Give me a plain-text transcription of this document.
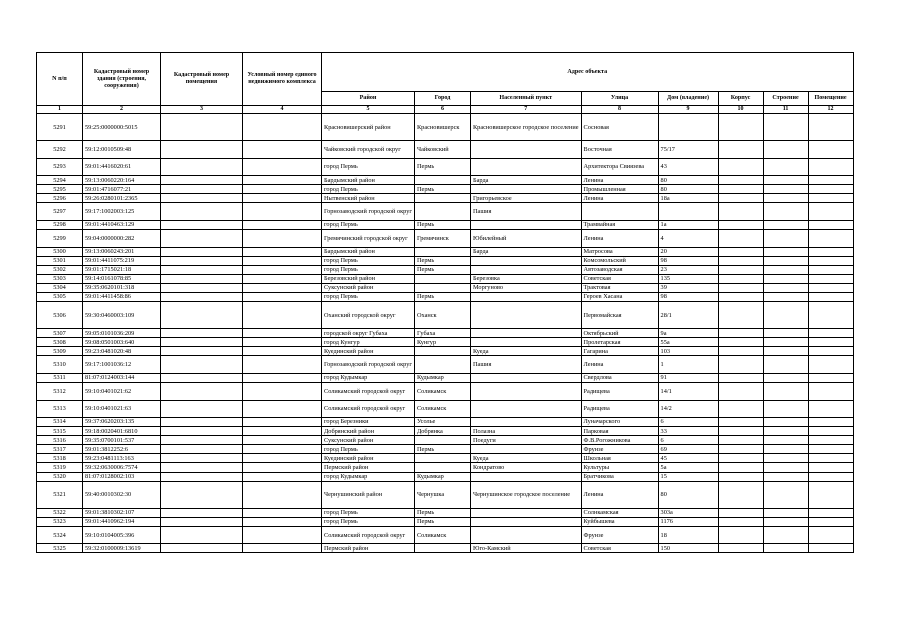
N п/п	Кадастровый номер здания (строения, сооружения)	Кадастровый номер помещения	Условный номер единого недвижимого комплекса	Адрес объекта							
				Район	Город	Населенный пункт	Улица	Дом (владение)	Корпус	Строение	Помещение
1	2	3	4	5	6	7	8	9	10	11	12
5291	59:25:0000000:5015			Красновишерский район	Красновишерск	Красновишерское городское поселение	Сосновая				
5292	59:12:0010509:48			Чайковский городской округ	Чайковский		Восточная	75/17			
5293	59:01:4416020:61			город Пермь	Пермь		Архитектора Свиязева	43			
5294	59:13:0060220:164			Бардымский район		Барда	Ленина	80			
5295	59:01:4716077:21			город Пермь	Пермь		Промышленная	80			
5296	59:26:0280101:2365			Нытвенский район		Григорьевское	Ленина	18а			
5297	59:17:1002003:125			Горнозаводский городской округ		Пашия					
5298	59:01:4410463:129			город Пермь	Пермь		Трамвайная	1а			
5299	59:04:0000000:282			Гремячинский городской округ	Гремячинск	Юбилейный	Ленина	4			
5300	59:13:0060243:201			Бардымский район		Барда	Матросова	20			
5301	59:01:4411075:219			город Пермь	Пермь		Комсомольский	98			
5302	59:01:1715021:18			город Пермь	Пермь		Автозаводская	23			
5303	59:14:0161078:85			Березовский район		Березовка	Советская	135			
5304	59:35:0620101:318			Суксунский район		Моргуново	Трактовая	39			
5305	59:01:4411458:86			город Пермь	Пермь		Героев Хасана	98			
5306	59:30:0460003:109			Оханский городской округ	Оханск		Первомайская	28/1			
5307	59:05:0101036:209			городской округ Губаха	Губаха		Октябрьский	9а			
5308	59:08:0501003:640			город Кунгур	Кунгур		Пролетарская	55а			
5309	59:23:0481020:48			Куединский район		Куеда	Гагарина	103			
5310	59:17:1001036:12			Горнозаводский городской округ		Пашия	Ленина	1			
5311	81:07:0124003:144			город Кудымкар	Кудымкар		Свердлова	91			
5312	59:10:0401021:62			Соликамский городской округ	Соликамск		Радищева	14/1			
5313	59:10:0401021:63			Соликамский городской округ	Соликамск		Радищева	14/2			
5314	59:37:0620203:135			город Березники	Усолье		Луначарского	6			
5315	59:18:0020401:6810			Добрянский район	Добрянка	Полазна	Парковая	33			
5316	59:35:0700101:537			Суксунский район		Поедуги	Ф.В.Рогожникова	6			
5317	59:01:3812252:6			город Пермь	Пермь		Фрунзе	69			
5318	59:23:0481113:163			Куединский район		Куеда	Школьная	45			
5319	59:32:0630006:7574			Пермский район		Кондратово	Культуры	5а			
5320	81:07:0128002:103			город Кудымкар	Кудымкар		Братчикова	15			
5321	59:40:0010302:30			Чернушинский район	Чернушка	Чернушинское городское поселение	Ленина	80			
5322	59:01:3810302:107			город Пермь	Пермь		Солнкамская	303а			
5323	59:01:4410962:194			город Пермь	Пермь		Куйбышева	1176			
5324	59:10:0104005:396			Соликамский городской округ	Соликамск		Фрунзе	18			
5325	59:32:0100009:13619			Пермский район		Юго-Камский	Советская	150			
